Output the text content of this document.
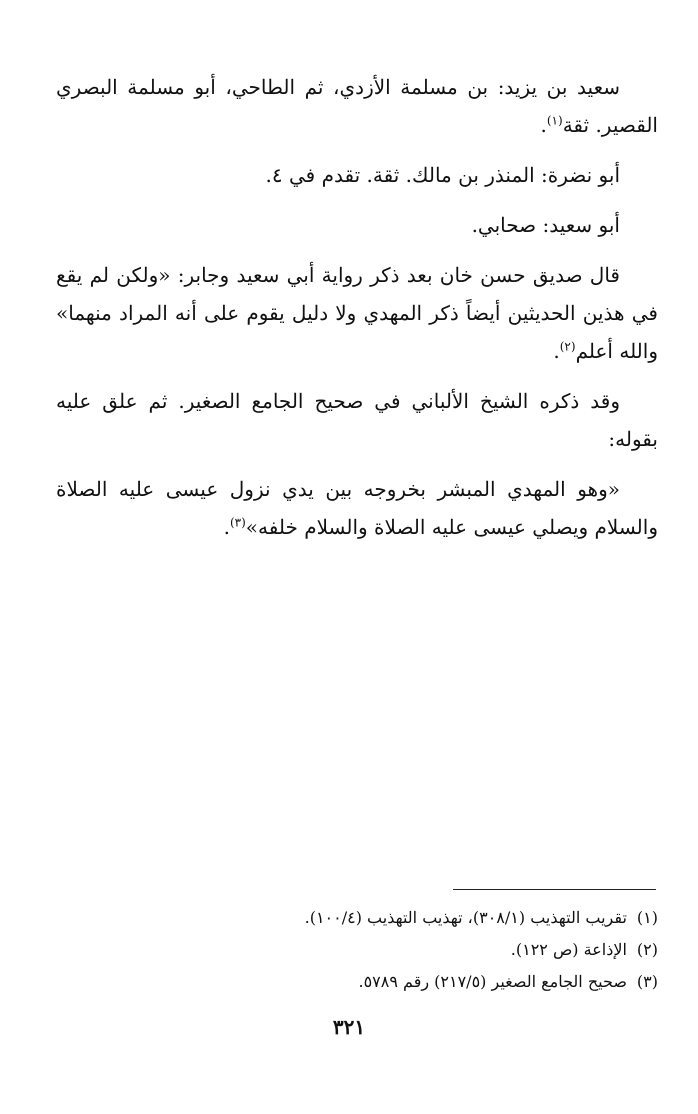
سعيد بن يزيد: بن مسلمة الأزدي، ثم الطاحي، أبو مسلمة البصري القصير. ثقة$^{(١)}$.

أبو نضرة: المنذر بن مالك. ثقة. تقدم في ٤.

أبو سعيد: صحابي.

قال صديق حسن خان بعد ذكر رواية أبي سعيد وجابر: «ولكن لم يقع في هذين الحديثين أيضاً ذكر المهدي ولا دليل يقوم على أنه المراد منهما» والله أعلم$^{(٢)}$.

وقد ذكره الشيخ الألباني في صحيح الجامع الصغير. ثم علق عليه بقوله:

«وهو المهدي المبشر بخروجه بين يدي نزول عيسى عليه الصلاة والسلام ويصلي عيسى عليه الصلاة والسلام خلفه»$^{(٣)}$.

(١)تقريب التهذيب (٣٠٨/١)، تهذيب التهذيب (١٠٠/٤).

(٢)الإذاعة (ص ١٢٢).

(٣)صحيح الجامع الصغير (٢١٧/٥) رقم ٥٧٨٩.

٣٢١
